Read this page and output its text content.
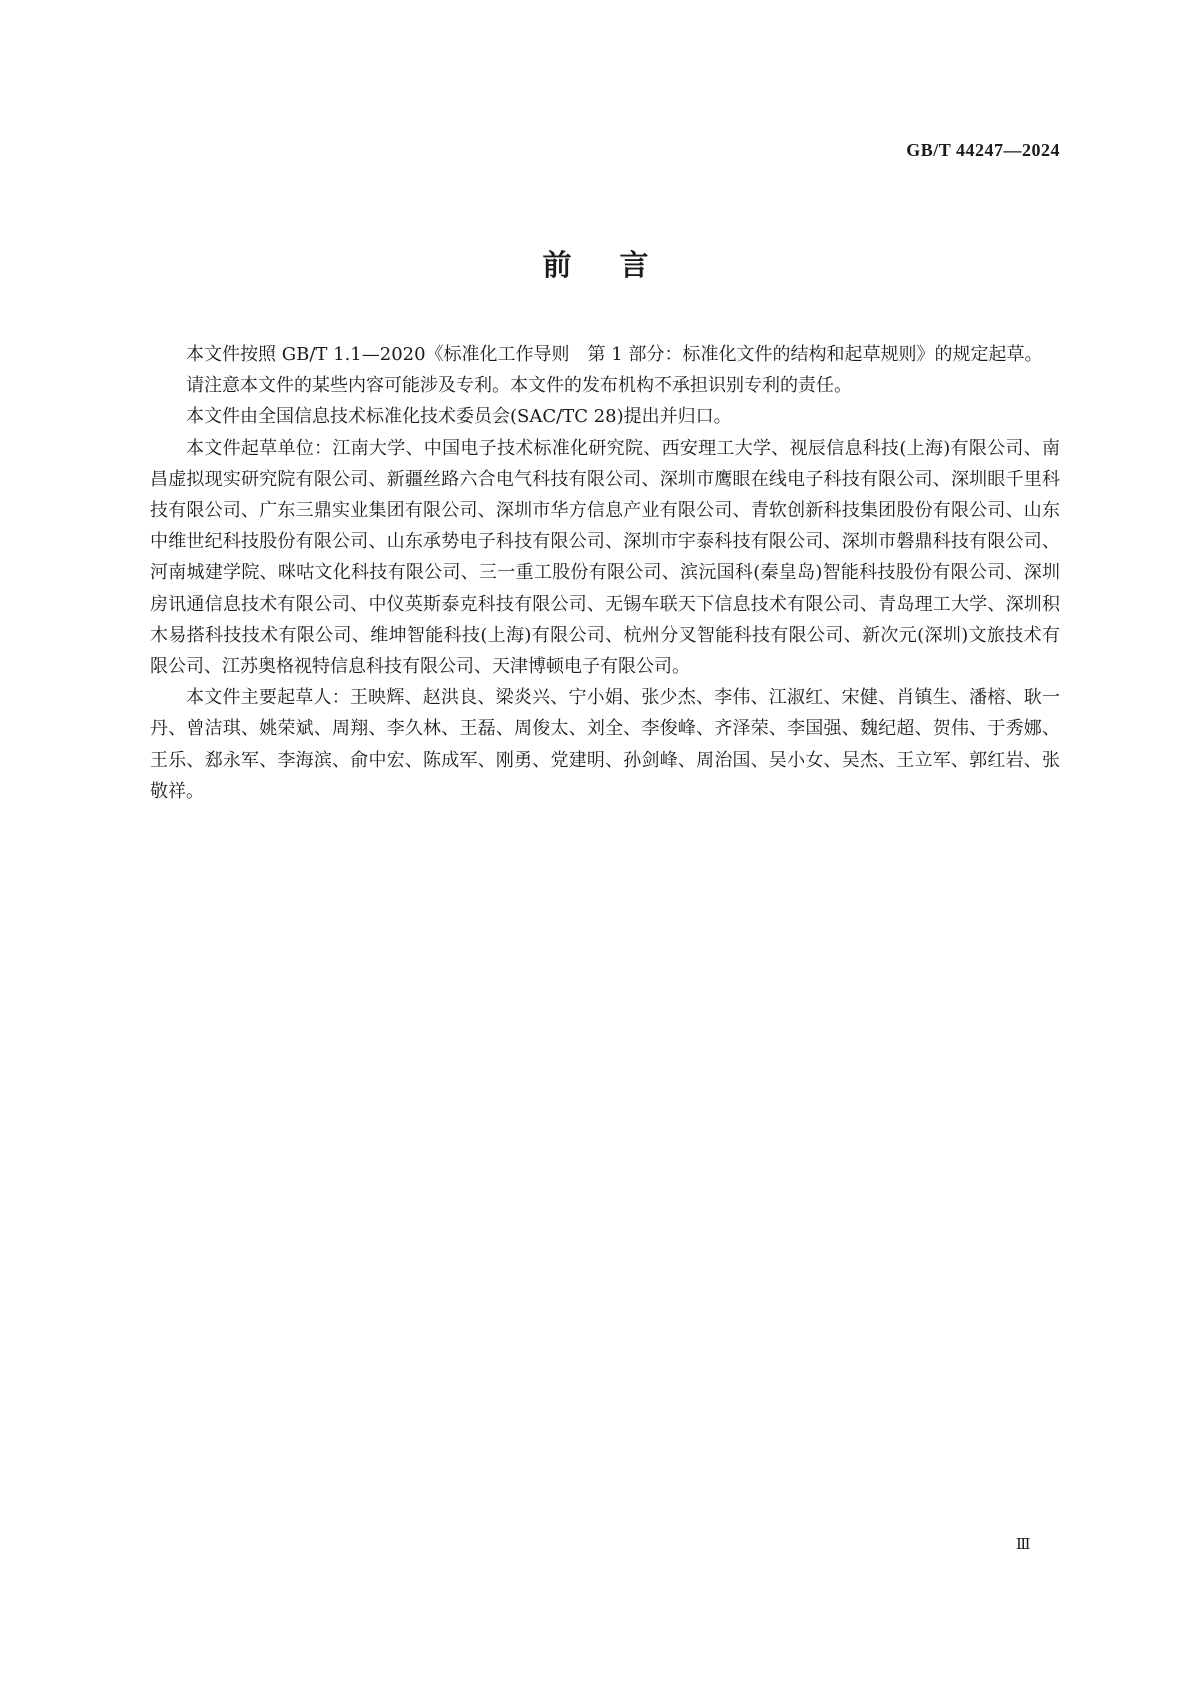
GB/T 44247—2024
前言

本文件按照 GB/T 1.1—2020《标准化工作导则　第 1 部分：标准化文件的结构和起草规则》的规定起草。

请注意本文件的某些内容可能涉及专利。本文件的发布机构不承担识别专利的责任。

本文件由全国信息技术标准化技术委员会(SAC/TC 28)提出并归口。

本文件起草单位：江南大学、中国电子技术标准化研究院、西安理工大学、视辰信息科技(上海)有限公司、南昌虚拟现实研究院有限公司、新疆丝路六合电气科技有限公司、深圳市鹰眼在线电子科技有限公司、深圳眼千里科技有限公司、广东三鼎实业集团有限公司、深圳市华方信息产业有限公司、青软创新科技集团股份有限公司、山东中维世纪科技股份有限公司、山东承势电子科技有限公司、深圳市宇泰科技有限公司、深圳市磐鼎科技有限公司、河南城建学院、咪咕文化科技有限公司、三一重工股份有限公司、滨沅国科(秦皇岛)智能科技股份有限公司、深圳房讯通信息技术有限公司、中仪英斯泰克科技有限公司、无锡车联天下信息技术有限公司、青岛理工大学、深圳积木易搭科技技术有限公司、维坤智能科技(上海)有限公司、杭州分叉智能科技有限公司、新次元(深圳)文旅技术有限公司、江苏奥格视特信息科技有限公司、天津博顿电子有限公司。

本文件主要起草人：王映辉、赵洪良、梁炎兴、宁小娟、张少杰、李伟、江淑红、宋健、肖镇生、潘榕、耿一丹、曾洁琪、姚荣斌、周翔、李久林、王磊、周俊太、刘全、李俊峰、齐泽荣、李国强、魏纪超、贺伟、于秀娜、王乐、郄永军、李海滨、俞中宏、陈成军、刚勇、党建明、孙剑峰、周治国、吴小女、吴杰、王立军、郭红岩、张敬祥。

Ⅲ
